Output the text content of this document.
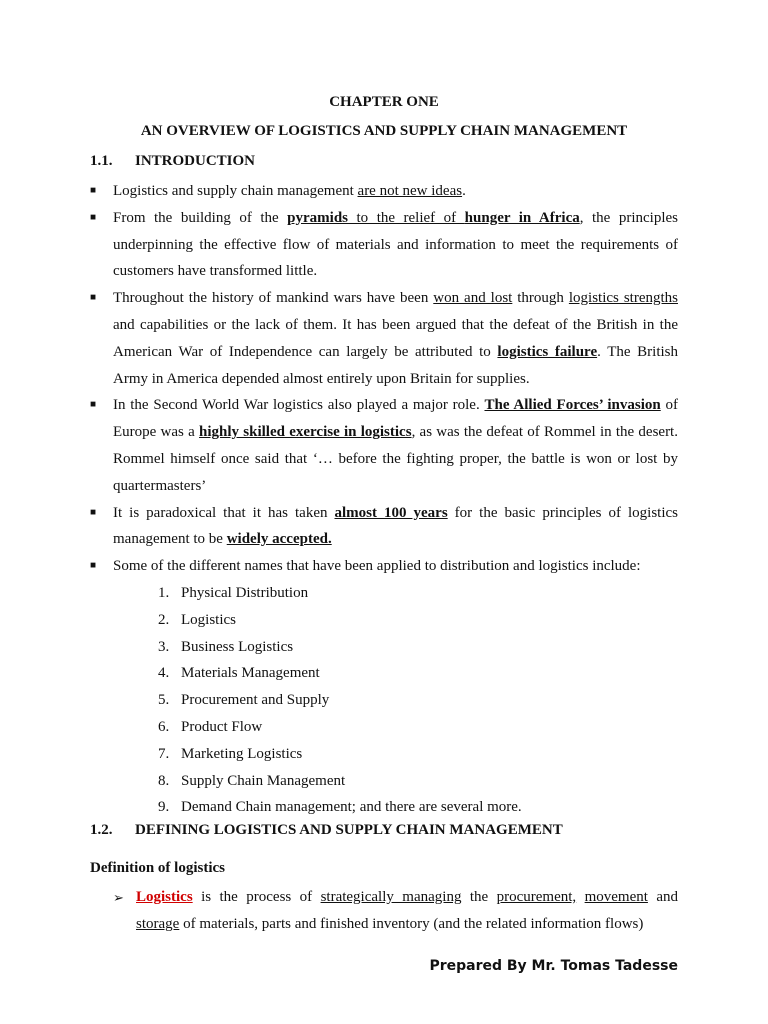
CHAPTER ONE
AN OVERVIEW OF LOGISTICS AND SUPPLY CHAIN MANAGEMENT
1.1. INTRODUCTION
■ Logistics and supply chain management are not new ideas.
■ From the building of the pyramids to the relief of hunger in Africa, the principles underpinning the effective flow of materials and information to meet the requirements of customers have transformed little.
■ Throughout the history of mankind wars have been won and lost through logistics strengths and capabilities or the lack of them. It has been argued that the defeat of the British in the American War of Independence can largely be attributed to logistics failure. The British Army in America depended almost entirely upon Britain for supplies.
■ In the Second World War logistics also played a major role. The Allied Forces’ invasion of Europe was a highly skilled exercise in logistics, as was the defeat of Rommel in the desert. Rommel himself once said that ‘… before the fighting proper, the battle is won or lost by quartermasters’
■ It is paradoxical that it has taken almost 100 years for the basic principles of logistics management to be widely accepted.
■ Some of the different names that have been applied to distribution and logistics include:
1. Physical Distribution
2. Logistics
3. Business Logistics
4. Materials Management
5. Procurement and Supply
6. Product Flow
7. Marketing Logistics
8. Supply Chain Management
9. Demand Chain management; and there are several more.
1.2. DEFINING LOGISTICS AND SUPPLY CHAIN MANAGEMENT
Definition of logistics
➢ Logistics is the process of strategically managing the procurement, movement and storage of materials, parts and finished inventory (and the related information flows)
Prepared By Mr. Tomas Tadesse
